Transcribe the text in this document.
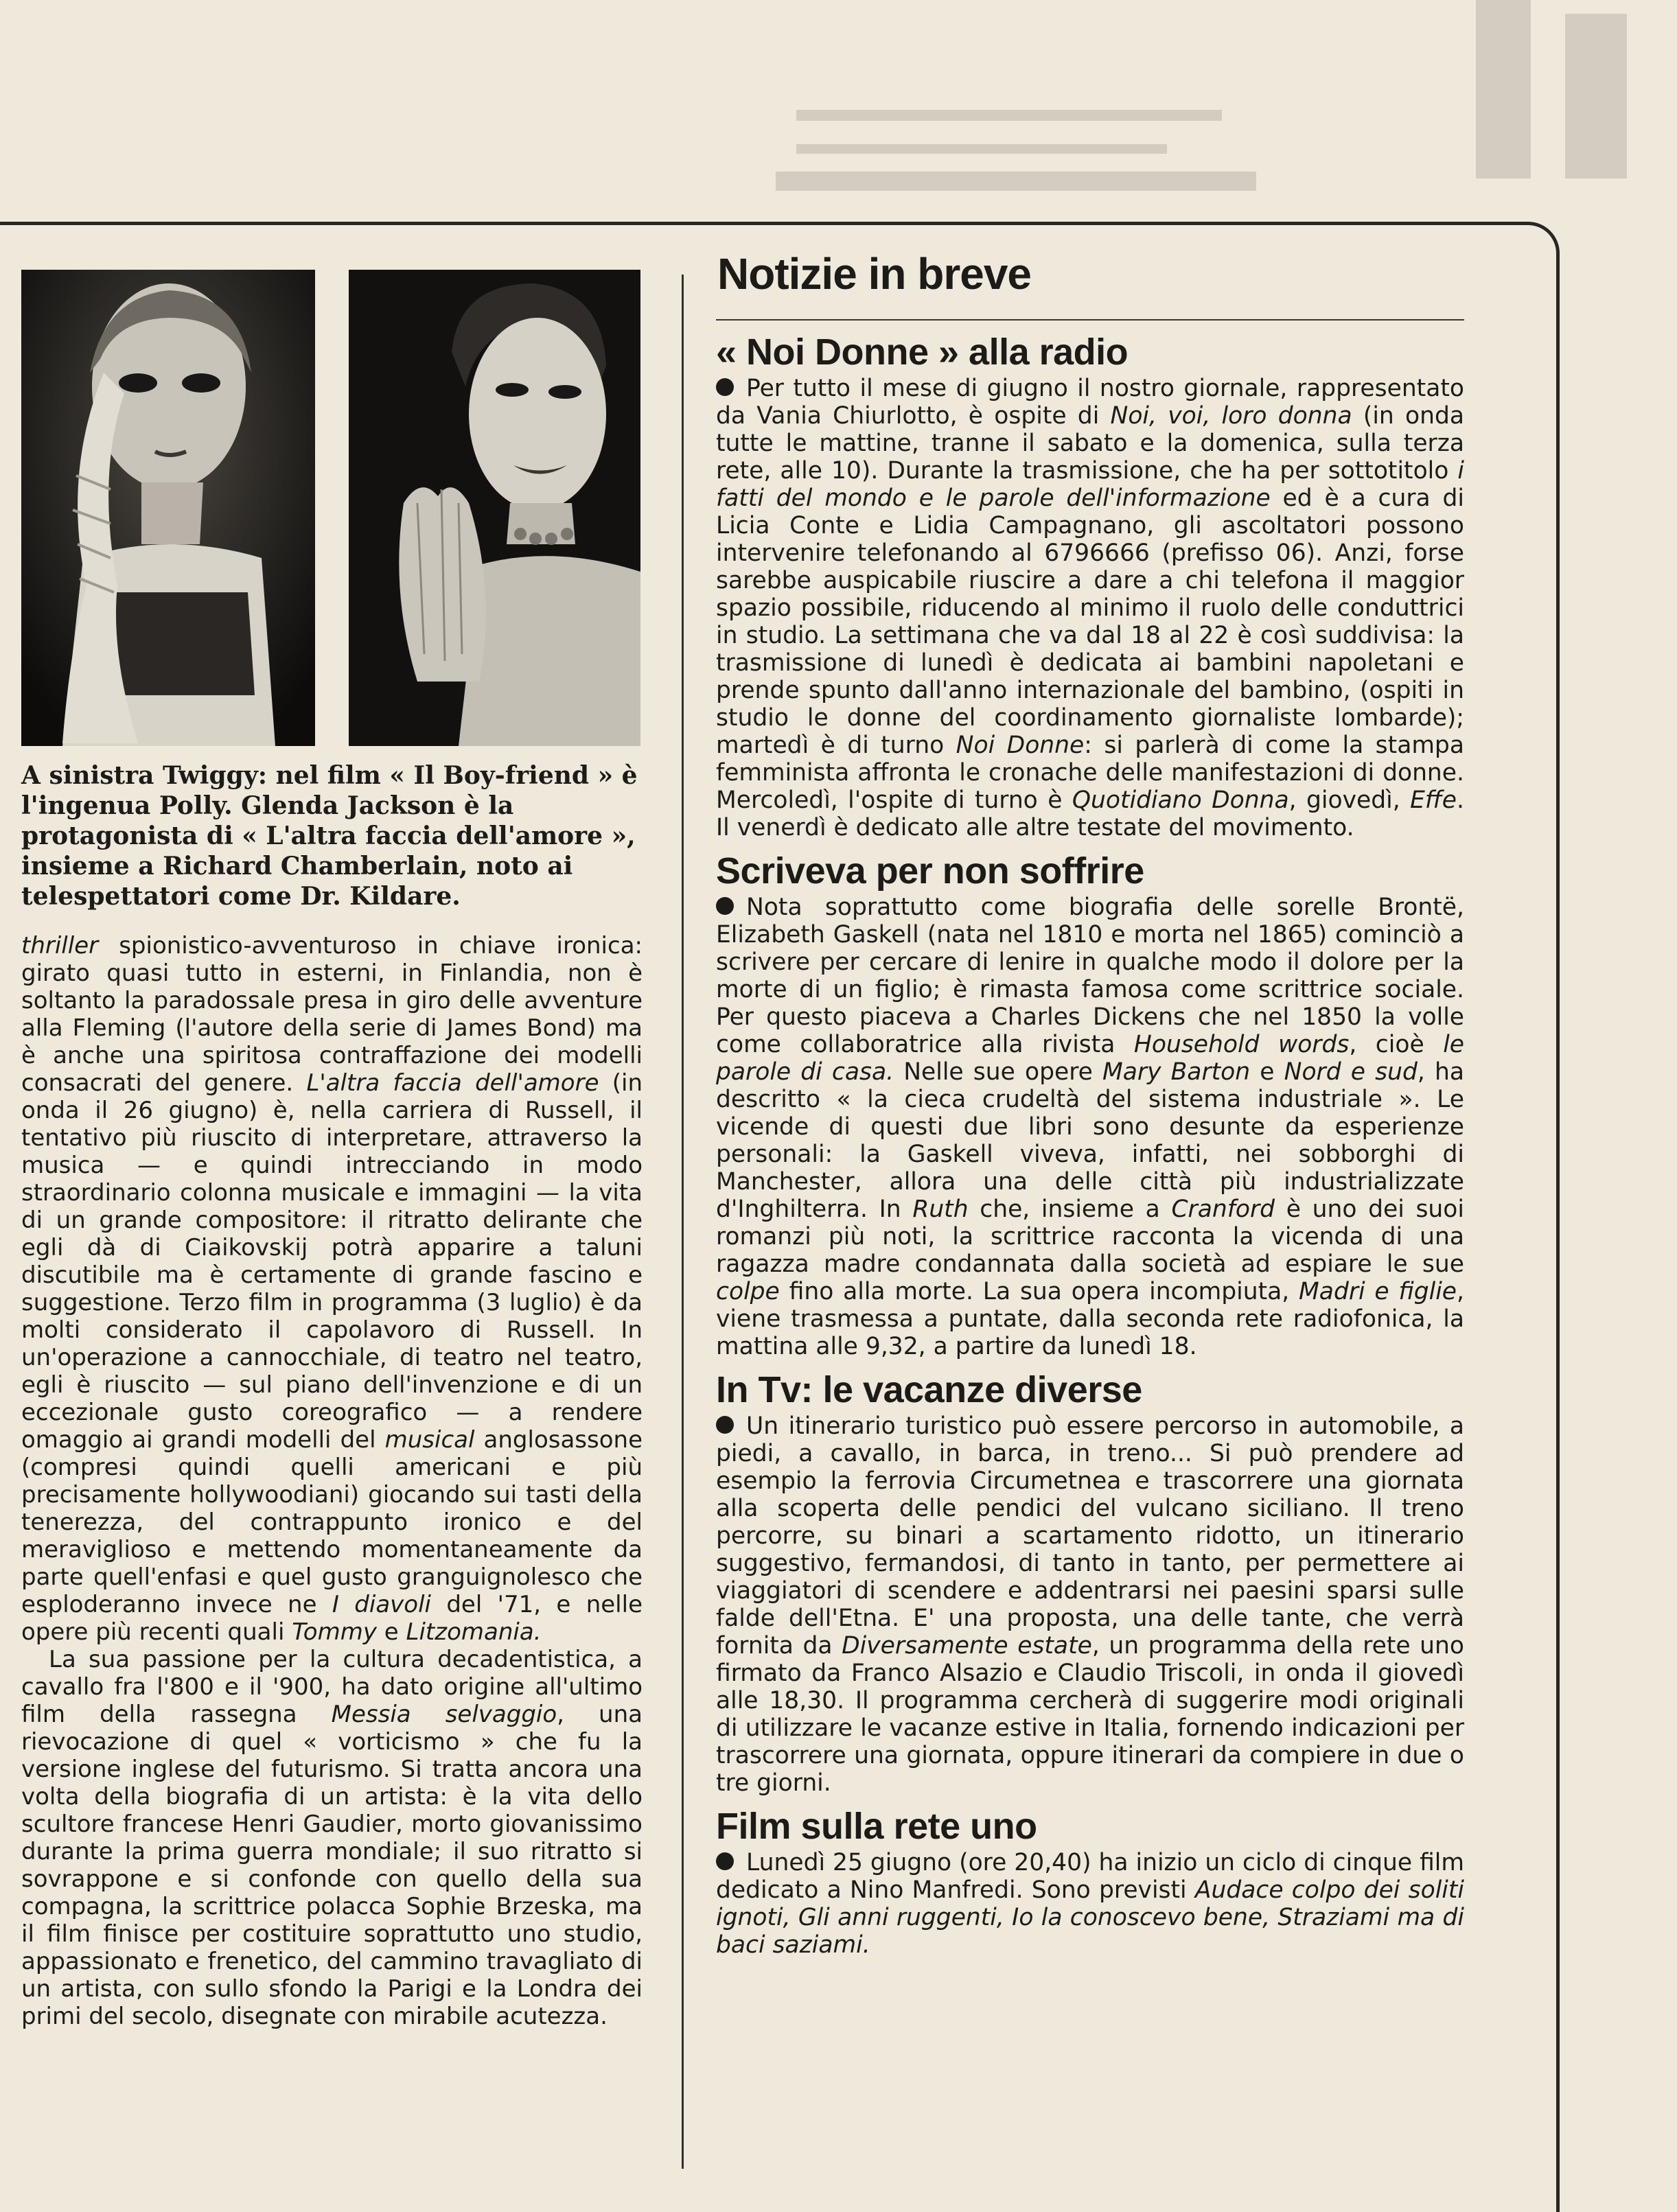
A sinistra Twiggy: nel film « Il Boy-friend » è l'ingenua Polly. Glenda Jackson è la protagonista di « L'altra faccia dell'amore », insieme a Richard Chamberlain, noto ai telespettatori come Dr. Kildare.

thriller spionistico-avventuroso in chiave ironica: girato quasi tutto in esterni, in Finlandia, non è soltanto la paradossale presa in giro delle avventure alla Fleming (l'autore della serie di James Bond) ma è anche una spiritosa contraffazione dei modelli consacrati del genere. L'altra faccia dell'amore (in onda il 26 giugno) è, nella carriera di Russell, il tentativo più riuscito di interpretare, attraverso la musica — e quindi intrecciando in modo straordinario colonna musicale e immagini — la vita di un grande compositore: il ritratto delirante che egli dà di Ciaikovskij potrà apparire a taluni discutibile ma è certamente di grande fascino e suggestione. Terzo film in programma (3 luglio) è da molti considerato il capolavoro di Russell. In un'operazione a cannocchiale, di teatro nel teatro, egli è riuscito — sul piano dell'invenzione e di un eccezionale gusto coreografico — a rendere omaggio ai grandi modelli del musical anglosassone (compresi quindi quelli americani e più precisamente hollywoodiani) giocando sui tasti della tenerezza, del contrappunto ironico e del meraviglioso e mettendo momentaneamente da parte quell'enfasi e quel gusto granguignolesco che esploderanno invece ne I diavoli del '71, e nelle opere più recenti quali Tommy e Litzomania.

La sua passione per la cultura decadentistica, a cavallo fra l'800 e il '900, ha dato origine all'ultimo film della rassegna Messia selvaggio, una rievocazione di quel « vorticismo » che fu la versione inglese del futurismo. Si tratta ancora una volta della biografia di un artista: è la vita dello scultore francese Henri Gaudier, morto giovanissimo durante la prima guerra mondiale; il suo ritratto si sovrappone e si confonde con quello della sua compagna, la scrittrice polacca Sophie Brzeska, ma il film finisce per costituire soprattutto uno studio, appassionato e frenetico, del cammino travagliato di un artista, con sullo sfondo la Parigi e la Londra dei primi del secolo, disegnate con mirabile acutezza.

Notizie in breve
« Noi Donne » alla radio

Per tutto il mese di giugno il nostro giornale, rappresentato da Vania Chiurlotto, è ospite di Noi, voi, loro donna (in onda tutte le mattine, tranne il sabato e la domenica, sulla terza rete, alle 10). Durante la trasmissione, che ha per sottotitolo i fatti del mondo e le parole dell'informazione ed è a cura di Licia Conte e Lidia Campagnano, gli ascoltatori possono intervenire telefonando al 6796666 (prefisso 06). Anzi, forse sarebbe auspicabile riuscire a dare a chi telefona il maggior spazio possibile, riducendo al minimo il ruolo delle conduttrici in studio. La settimana che va dal 18 al 22 è così suddivisa: la trasmissione di lunedì è dedicata ai bambini napoletani e prende spunto dall'anno internazionale del bambino, (ospiti in studio le donne del coordinamento giornaliste lombarde); martedì è di turno Noi Donne: si parlerà di come la stampa femminista affronta le cronache delle manifestazioni di donne. Mercoledì, l'ospite di turno è Quotidiano Donna, giovedì, Effe. Il venerdì è dedicato alle altre testate del movimento.

Scriveva per non soffrire

Nota soprattutto come biografia delle sorelle Brontë, Elizabeth Gaskell (nata nel 1810 e morta nel 1865) cominciò a scrivere per cercare di lenire in qualche modo il dolore per la morte di un figlio; è rimasta famosa come scrittrice sociale. Per questo piaceva a Charles Dickens che nel 1850 la volle come collaboratrice alla rivista Household words, cioè le parole di casa. Nelle sue opere Mary Barton e Nord e sud, ha descritto « la cieca crudeltà del sistema industriale ». Le vicende di questi due libri sono desunte da esperienze personali: la Gaskell viveva, infatti, nei sobborghi di Manchester, allora una delle città più industrializzate d'Inghilterra. In Ruth che, insieme a Cranford è uno dei suoi romanzi più noti, la scrittrice racconta la vicenda di una ragazza madre condannata dalla società ad espiare le sue colpe fino alla morte. La sua opera incompiuta, Madri e figlie, viene trasmessa a puntate, dalla seconda rete radiofonica, la mattina alle 9,32, a partire da lunedì 18.

In Tv: le vacanze diverse

Un itinerario turistico può essere percorso in automobile, a piedi, a cavallo, in barca, in treno... Si può prendere ad esempio la ferrovia Circumetnea e trascorrere una giornata alla scoperta delle pendici del vulcano siciliano. Il treno percorre, su binari a scartamento ridotto, un itinerario suggestivo, fermandosi, di tanto in tanto, per permettere ai viaggiatori di scendere e addentrarsi nei paesini sparsi sulle falde dell'Etna. E' una proposta, una delle tante, che verrà fornita da Diversamente estate, un programma della rete uno firmato da Franco Alsazio e Claudio Triscoli, in onda il giovedì alle 18,30. Il programma cercherà di suggerire modi originali di utilizzare le vacanze estive in Italia, fornendo indicazioni per trascorrere una giornata, oppure itinerari da compiere in due o tre giorni.

Film sulla rete uno

Lunedì 25 giugno (ore 20,40) ha inizio un ciclo di cinque film dedicato a Nino Manfredi. Sono previsti Audace colpo dei soliti ignoti, Gli anni ruggenti, Io la conoscevo bene, Straziami ma di baci saziami.
